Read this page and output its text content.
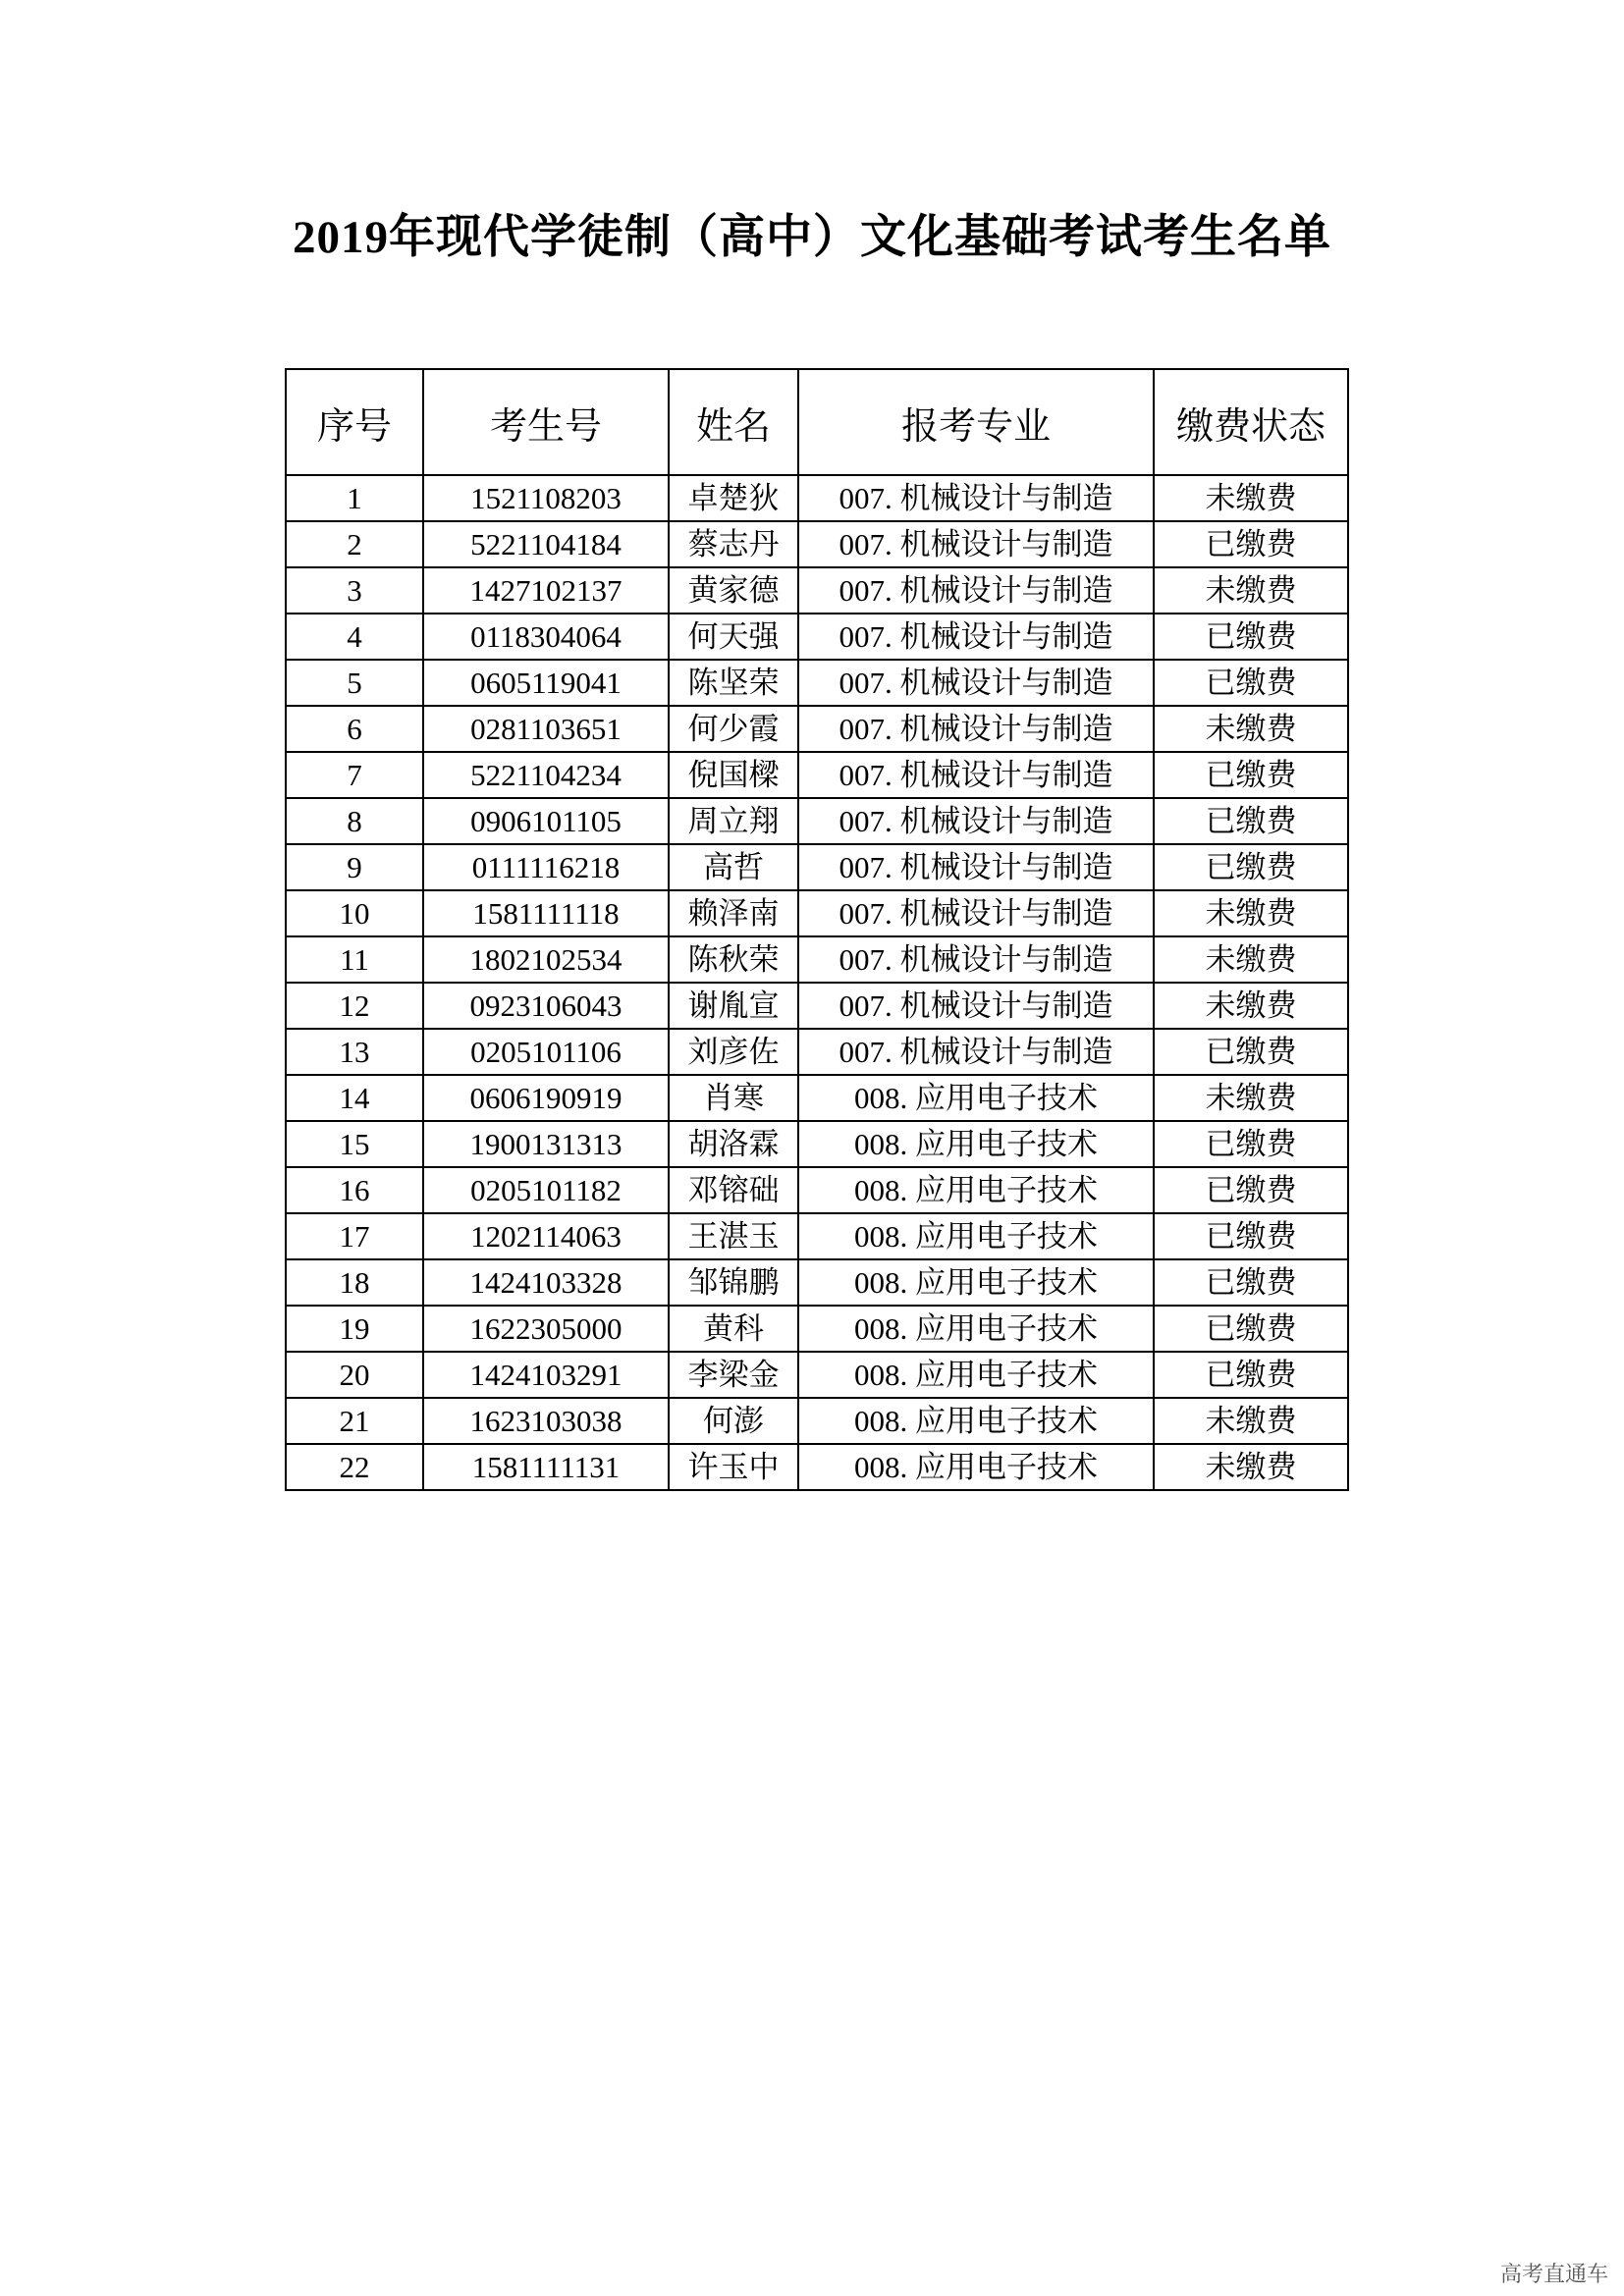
2019年现代学徒制（高中）文化基础考试考生名单
序号	考生号	姓名	报考专业	缴费状态
1	1521108203	卓楚狄	007. 机械设计与制造	未缴费
2	5221104184	蔡志丹	007. 机械设计与制造	已缴费
3	1427102137	黄家德	007. 机械设计与制造	未缴费
4	0118304064	何天强	007. 机械设计与制造	已缴费
5	0605119041	陈坚荣	007. 机械设计与制造	已缴费
6	0281103651	何少霞	007. 机械设计与制造	未缴费
7	5221104234	倪国樑	007. 机械设计与制造	已缴费
8	0906101105	周立翔	007. 机械设计与制造	已缴费
9	0111116218	高哲	007. 机械设计与制造	已缴费
10	1581111118	赖泽南	007. 机械设计与制造	未缴费
11	1802102534	陈秋荣	007. 机械设计与制造	未缴费
12	0923106043	谢胤宣	007. 机械设计与制造	未缴费
13	0205101106	刘彦佐	007. 机械设计与制造	已缴费
14	0606190919	肖寒	008. 应用电子技术	未缴费
15	1900131313	胡洛霖	008. 应用电子技术	已缴费
16	0205101182	邓镕础	008. 应用电子技术	已缴费
17	1202114063	王湛玉	008. 应用电子技术	已缴费
18	1424103328	邹锦鹏	008. 应用电子技术	已缴费
19	1622305000	黄科	008. 应用电子技术	已缴费
20	1424103291	李梁金	008. 应用电子技术	已缴费
21	1623103038	何澎	008. 应用电子技术	未缴费
22	1581111131	许玉中	008. 应用电子技术	未缴费
高考直通车
